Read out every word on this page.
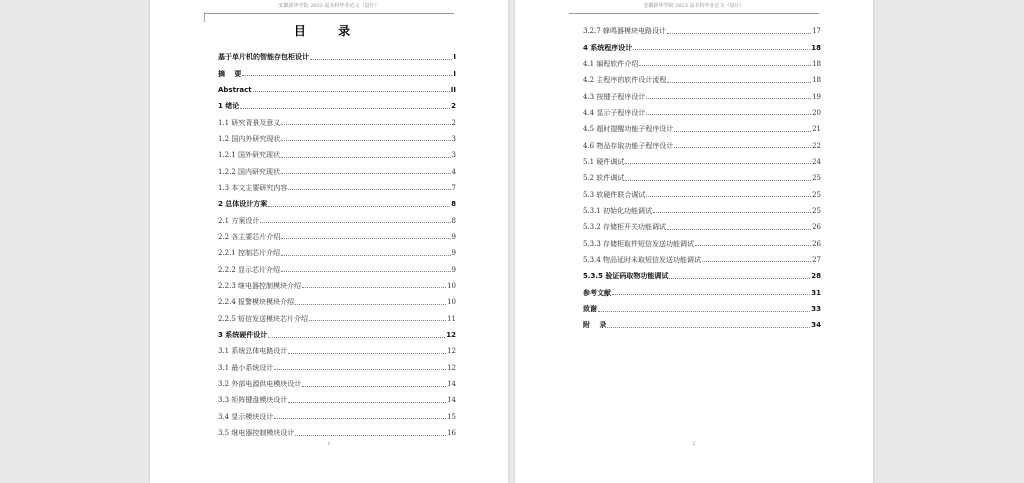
安徽新华学院 2023 届本科毕业论文（设计）
目 录
基于单片机的智能存包柜设计	I
摘　 要	I
Abstract	II
1 绪论	2
1.1 研究背景及意义	2
1.2 国内外研究现状	3
1.2.1 国外研究现状	3
1.2.2 国内研究现状	4
1.3 本文主要研究内容	7
2 总体设计方案	8
2.1 方案设计	8
2.2 各主要芯片介绍	9
2.2.1 控制芯片介绍	9
2.2.2 显示芯片介绍	9
2.2.3 继电器控制模块介绍	10
2.2.4 报警模块模块介绍	10
2.2.5 短信发送模块芯片介绍	11
3 系统硬件设计	12
3.1 系统总体电路设计	12
3.1 最小系统设计	12
3.2 外部电源供电模块设计	14
3.3 矩阵键盘模块设计	14
3.4 显示模块设计	15
3.5 继电器控制模块设计	16
1
安徽新华学院 2023 届本科毕业论文（设计）
3.2.7 蜂鸣器模块电路设计	17
4 系统程序设计	18
4.1 编程软件介绍	18
4.2 主程序的软件设计流程	18
4.3 按键子程序设计	19
4.4 显示子程序设计	20
4.5 超时提醒功能子程序设计	21
4.6 物品存取功能子程序设计	22
5.1 硬件调试	24
5.2 软件调试	25
5.3 软硬件联合调试	25
5.3.1 初始化功能调试	25
5.3.2 存储柜开关功能调试	26
5.3.3 存储柜取件短信发送功能调试	26
5.3.4 物品延时未取短信发送功能调试	27
5.3.5 验证码取物功能调试	28
参考文献	31
致谢	33
附　 录	34
2
